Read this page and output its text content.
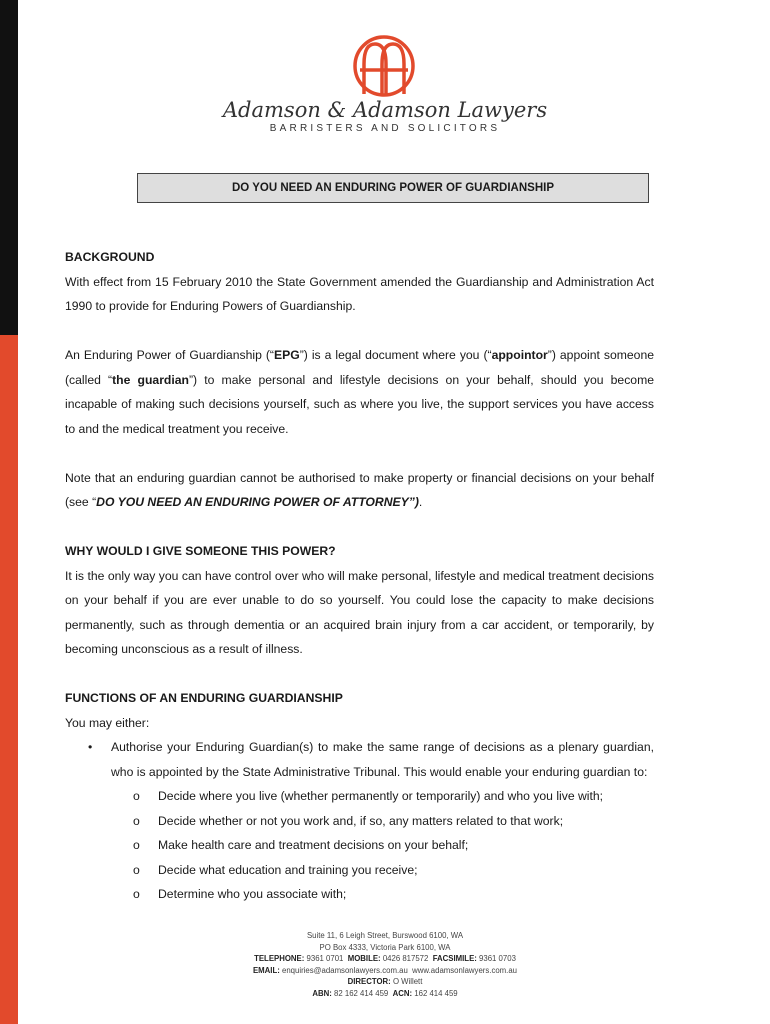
Adamson & Adamson Lawyers
BARRISTERS AND SOLICITORS
DO YOU NEED AN ENDURING POWER OF GUARDIANSHIP

BACKGROUND

With effect from 15 February 2010 the State Government amended the Guardianship and Administration Act 1990 to provide for Enduring Powers of Guardianship.

An Enduring Power of Guardianship (“EPG”) is a legal document where you (“appointor”) appoint someone (called “the guardian”) to make personal and lifestyle decisions on your behalf, should you become incapable of making such decisions yourself, such as where you live, the support services you have access to and the medical treatment you receive.

Note that an enduring guardian cannot be authorised to make property or financial decisions on your behalf (see “DO YOU NEED AN ENDURING POWER OF ATTORNEY”).

WHY WOULD I GIVE SOMEONE THIS POWER?

It is the only way you can have control over who will make personal, lifestyle and medical treatment decisions on your behalf if you are ever unable to do so yourself. You could lose the capacity to make decisions permanently, such as through dementia or an acquired brain injury from a car accident, or temporarily, by becoming unconscious as a result of illness.

FUNCTIONS OF AN ENDURING GUARDIANSHIP

You may either:

• Authorise your Enduring Guardian(s) to make the same range of decisions as a plenary guardian, who is appointed by the State Administrative Tribunal. This would enable your enduring guardian to:
o Decide where you live (whether permanently or temporarily) and who you live with;
o Decide whether or not you work and, if so, any matters related to that work;
o Make health care and treatment decisions on your behalf;
o Decide what education and training you receive;
o Determine who you associate with;
Suite 11, 6 Leigh Street, Burswood 6100, WA
PO Box 4333, Victoria Park 6100, WA
TELEPHONE: 9361 0701 MOBILE: 0426 817572 FACSIMILE: 9361 0703
EMAIL: enquiries@adamsonlawyers.com.au www.adamsonlawyers.com.au
DIRECTOR: O Willett
ABN: 82 162 414 459 ACN: 162 414 459
